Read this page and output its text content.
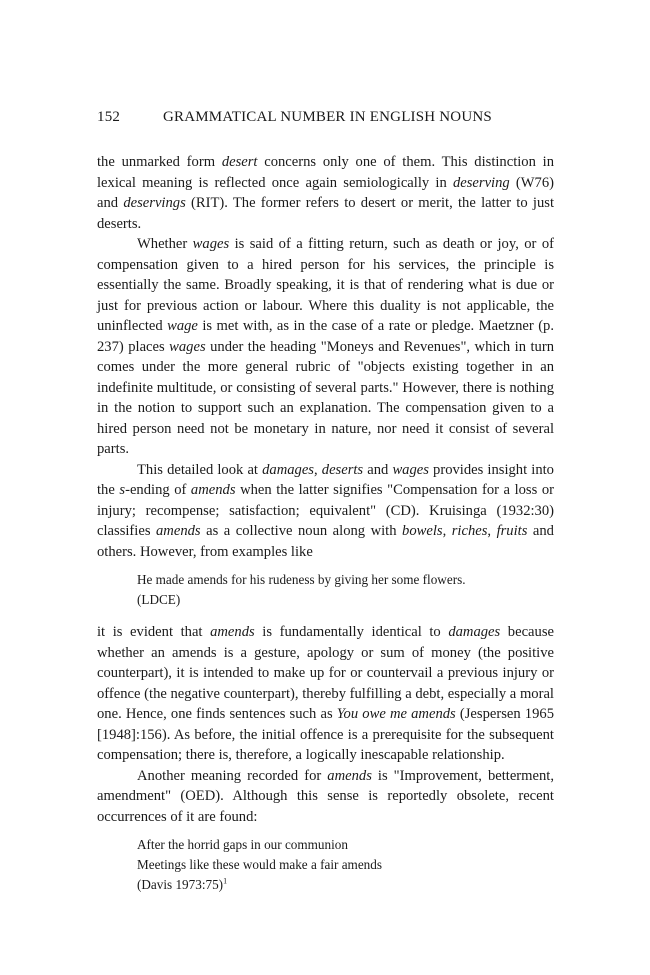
152	GRAMMATICAL NUMBER IN ENGLISH NOUNS

the unmarked form desert concerns only one of them. This distinction in lexical meaning is reflected once again semiologically in deserving (W76) and deservings (RIT). The former refers to desert or merit, the latter to just deserts.

Whether wages is said of a fitting return, such as death or joy, or of compensation given to a hired person for his services, the principle is essentially the same. Broadly speaking, it is that of rendering what is due or just for previous action or labour. Where this duality is not applicable, the uninflected wage is met with, as in the case of a rate or pledge. Maetzner (p. 237) places wages under the heading "Moneys and Revenues", which in turn comes under the more general rubric of "objects existing together in an indefinite multitude, or consisting of several parts." However, there is nothing in the notion to support such an explanation. The compensation given to a hired person need not be monetary in nature, nor need it consist of several parts.

This detailed look at damages, deserts and wages provides insight into the s-ending of amends when the latter signifies "Compensation for a loss or injury; recompense; satisfaction; equivalent" (CD). Kruisinga (1932:30) classifies amends as a collective noun along with bowels, riches, fruits and others. However, from examples like

He made amends for his rudeness by giving her some flowers.
(LDCE)

it is evident that amends is fundamentally identical to damages because whether an amends is a gesture, apology or sum of money (the positive counterpart), it is intended to make up for or countervail a previous injury or offence (the negative counterpart), thereby fulfilling a debt, especially a moral one. Hence, one finds sentences such as You owe me amends (Jespersen 1965 [1948]:156). As before, the initial offence is a prerequisite for the subsequent compensation; there is, therefore, a logically inescapable relationship.

Another meaning recorded for amends is "Improvement, betterment, amendment" (OED). Although this sense is reportedly obsolete, recent occurrences of it are found:

After the horrid gaps in our communion
Meetings like these would make a fair amends
(Davis 1973:75)$^1$
